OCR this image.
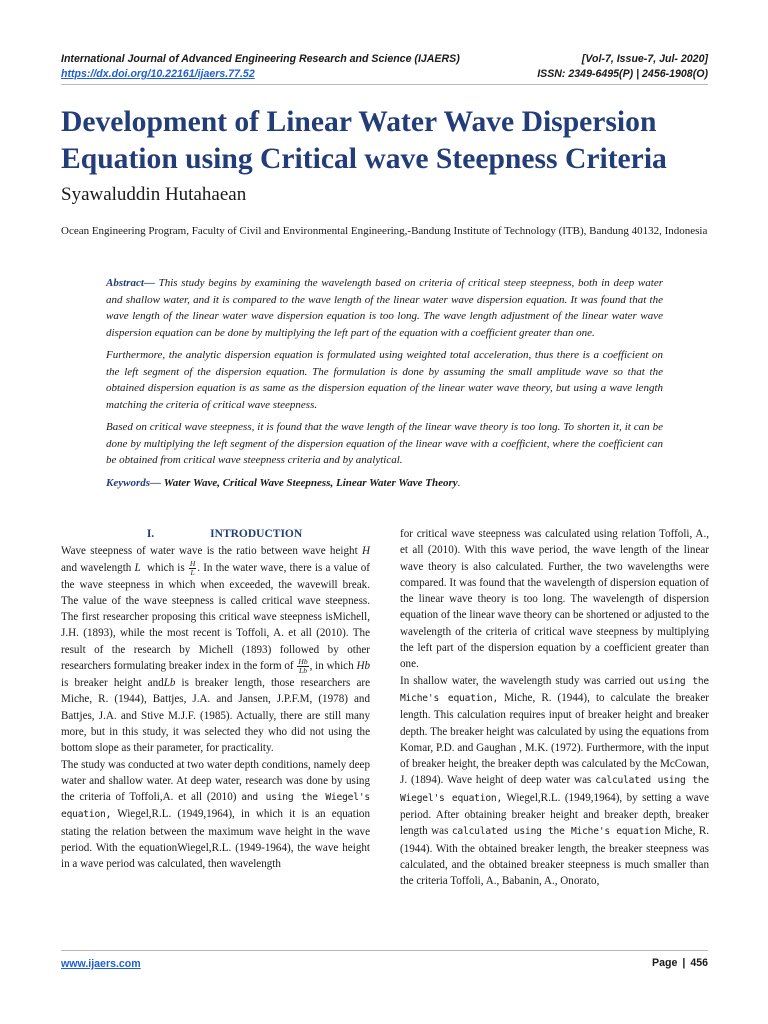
International Journal of Advanced Engineering Research and Science (IJAERS)
https://dx.doi.org/10.22161/ijaers.77.52
[Vol-7, Issue-7, Jul- 2020]
ISSN: 2349-6495(P) | 2456-1908(O)
Development of Linear Water Wave Dispersion Equation using Critical wave Steepness Criteria
Syawaluddin Hutahaean
Ocean Engineering Program, Faculty of Civil and Environmental Engineering,-Bandung Institute of Technology (ITB), Bandung 40132, Indonesia

Abstract— This study begins by examining the wavelength based on criteria of critical steep steepness, both in deep water and shallow water, and it is compared to the wave length of the linear water wave dispersion equation. It was found that the wave length of the linear water wave dispersion equation is too long. The wave length adjustment of the linear water wave dispersion equation can be done by multiplying the left part of the equation with a coefficient greater than one.

Furthermore, the analytic dispersion equation is formulated using weighted total acceleration, thus there is a coefficient on the left segment of the dispersion equation. The formulation is done by assuming the small amplitude wave so that the obtained dispersion equation is as same as the dispersion equation of the linear water wave theory, but using a wave length matching the criteria of critical wave steepness.

Based on critical wave steepness, it is found that the wave length of the linear wave theory is too long. To shorten it, it can be done by multiplying the left segment of the dispersion equation of the linear wave with a coefficient, where the coefficient can be obtained from critical wave steepness criteria and by analytical.

Keywords— Water Wave, Critical Wave Steepness, Linear Water Wave Theory.

I.	INTRODUCTION

Wave steepness of water wave is the ratio between wave height H and wavelength L which is $\frac{H}{L}$ . In the water wave, there is a value of the wave steepness in which when exceeded, the wavewill break. The value of the wave steepness is called critical wave steepness. The first researcher proposing this critical wave steepness isMichell, J.H. (1893), while the most recent is Toffoli, A. et all (2010). The result of the research by Michell (1893) followed by other researchers formulating breaker index in the form of $\frac{Hb}{Lb}$ , in which Hb is breaker height andLb is breaker length, those researchers are Miche, R. (1944), Battjes, J.A. and Jansen, J.P.F.M, (1978) and Battjes, J.A. and Stive M.J.F. (1985). Actually, there are still many more, but in this study, it was selected they who did not using the bottom slope as their parameter, for practicality.

The study was conducted at two water depth conditions, namely deep water and shallow water. At deep water, research was done by using the criteria of Toffoli,A. et all (2010) and using the Wiegel's equation, Wiegel,R.L. (1949,1964), in which it is an equation stating the relation between the maximum wave height in the wave period. With the equationWiegel,R.L. (1949-1964), the wave height in a wave period was calculated, then wavelength

for critical wave steepness was calculated using relation Toffoli, A., et all (2010). With this wave period, the wave length of the linear wave theory is also calculated. Further, the two wavelengths were compared. It was found that the wavelength of dispersion equation of the linear wave theory is too long. The wavelength of dispersion equation of the linear wave theory can be shortened or adjusted to the wavelength of the criteria of critical wave steepness by multiplying the left part of the dispersion equation by a coefficient greater than one.

In shallow water, the wavelength study was carried out using the Miche's equation, Miche, R. (1944), to calculate the breaker length. This calculation requires input of breaker height and breaker depth. The breaker height was calculated by using the equations from Komar, P.D. and Gaughan , M.K. (1972). Furthermore, with the input of breaker height, the breaker depth was calculated by the McCowan, J. (1894). Wave height of deep water was calculated using the Wiegel's equation, Wiegel,R.L. (1949,1964), by setting a wave period. After obtaining breaker height and breaker depth, breaker length was calculated using the Miche's equation Miche, R. (1944). With the obtained breaker length, the breaker steepness was calculated, and the obtained breaker steepness is much smaller than the criteria Toffoli, A., Babanin, A., Onorato,

www.ijaers.com	Page | 456
